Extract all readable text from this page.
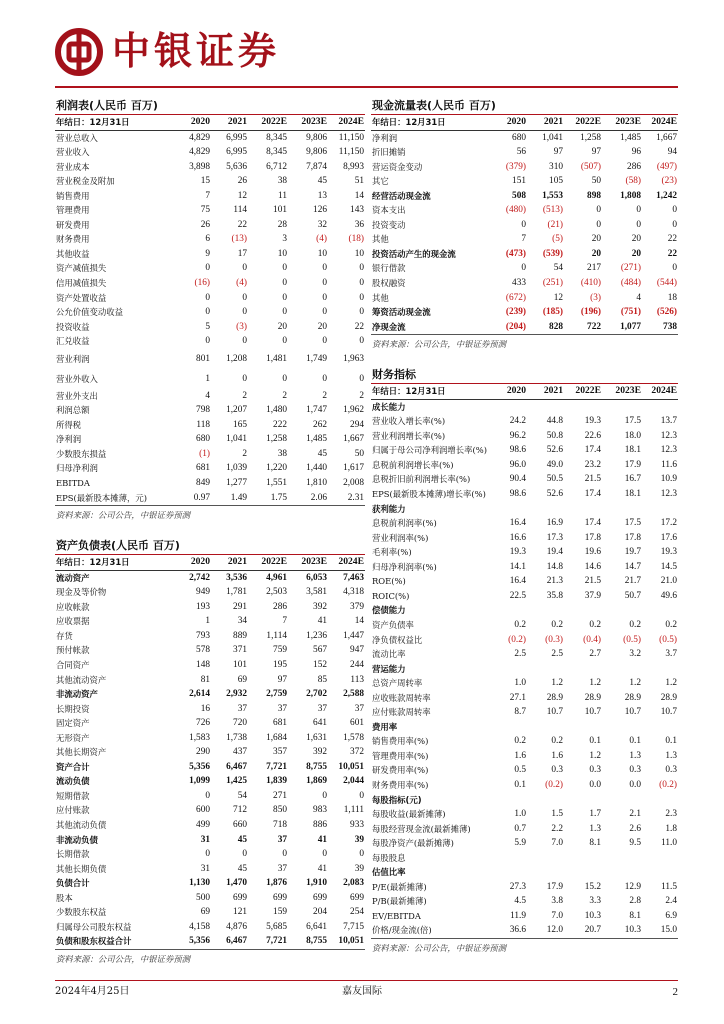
中银证券
利润表(人民币 百万)
年结日：12月31日	2020	2021	2022E	2023E	2024E
营业总收入	4,829	6,995	8,345	9,806	11,150
营业收入	4,829	6,995	8,345	9,806	11,150
营业成本	3,898	5,636	6,712	7,874	8,993
营业税金及附加	15	26	38	45	51
销售费用	7	12	11	13	14
管理费用	75	114	101	126	143
研发费用	26	22	28	32	36
财务费用	6	(13)	3	(4)	(18)
其他收益	9	17	10	10	10
资产减值损失	0	0	0	0	0
信用减值损失	(16)	(4)	0	0	0
资产处置收益	0	0	0	0	0
公允价值变动收益	0	0	0	0	0
投资收益	5	(3)	20	20	22
汇兑收益	0	0	0	0	0
营业利润	801	1,208	1,481	1,749	1,963
营业外收入	1	0	0	0	0
营业外支出	4	2	2	2	2
利润总额	798	1,207	1,480	1,747	1,962
所得税	118	165	222	262	294
净利润	680	1,041	1,258	1,485	1,667
少数股东损益	(1)	2	38	45	50
归母净利润	681	1,039	1,220	1,440	1,617
EBITDA	849	1,277	1,551	1,810	2,008
EPS(最新股本摊薄，元)	0.97	1.49	1.75	2.06	2.31
资料来源：公司公告，中银证券预测
资产负债表(人民币 百万)
年结日：12月31日	2020	2021	2022E	2023E	2024E
流动资产	2,742	3,536	4,961	6,053	7,463
现金及等价物	949	1,781	2,503	3,581	4,318
应收帐款	193	291	286	392	379
应收票据	1	34	7	41	14
存货	793	889	1,114	1,236	1,447
预付帐款	578	371	759	567	947
合同资产	148	101	195	152	244
其他流动资产	81	69	97	85	113
非流动资产	2,614	2,932	2,759	2,702	2,588
长期投资	16	37	37	37	37
固定资产	726	720	681	641	601
无形资产	1,583	1,738	1,684	1,631	1,578
其他长期资产	290	437	357	392	372
资产合计	5,356	6,467	7,721	8,755	10,051
流动负债	1,099	1,425	1,839	1,869	2,044
短期借款	0	54	271	0	0
应付账款	600	712	850	983	1,111
其他流动负债	499	660	718	886	933
非流动负债	31	45	37	41	39
长期借款	0	0	0	0	0
其他长期负债	31	45	37	41	39
负债合计	1,130	1,470	1,876	1,910	2,083
股本	500	699	699	699	699
少数股东权益	69	121	159	204	254
归属母公司股东权益	4,158	4,876	5,685	6,641	7,715
负债和股东权益合计	5,356	6,467	7,721	8,755	10,051
资料来源：公司公告，中银证券预测
现金流量表(人民币 百万)
年结日：12月31日	2020	2021	2022E	2023E	2024E
净利润	680	1,041	1,258	1,485	1,667
折旧摊销	56	97	97	96	94
营运资金变动	(379)	310	(507)	286	(497)
其它	151	105	50	(58)	(23)
经营活动现金流	508	1,553	898	1,808	1,242
资本支出	(480)	(513)	0	0	0
投资变动	0	(21)	0	0	0
其他	7	(5)	20	20	22
投资活动产生的现金流	(473)	(539)	20	20	22
银行借款	0	54	217	(271)	0
股权融资	433	(251)	(410)	(484)	(544)
其他	(672)	12	(3)	4	18
筹资活动现金流	(239)	(185)	(196)	(751)	(526)
净现金流	(204)	828	722	1,077	738
资料来源：公司公告，中银证券预测
财务指标
年结日：12月31日	2020	2021	2022E	2023E	2024E
成长能力					
营业收入增长率(%)	24.2	44.8	19.3	17.5	13.7
营业利润增长率(%)	96.2	50.8	22.6	18.0	12.3
归属于母公司净利润增长率(%)	98.6	52.6	17.4	18.1	12.3
息税前利润增长率(%)	96.0	49.0	23.2	17.9	11.6
息税折旧前利润增长率(%)	90.4	50.5	21.5	16.7	10.9
EPS(最新股本摊薄)增长率(%)	98.6	52.6	17.4	18.1	12.3
获利能力					
息税前利润率(%)	16.4	16.9	17.4	17.5	17.2
营业利润率(%)	16.6	17.3	17.8	17.8	17.6
毛利率(%)	19.3	19.4	19.6	19.7	19.3
归母净利润率(%)	14.1	14.8	14.6	14.7	14.5
ROE(%)	16.4	21.3	21.5	21.7	21.0
ROIC(%)	22.5	35.8	37.9	50.7	49.6
偿债能力					
资产负债率	0.2	0.2	0.2	0.2	0.2
净负债权益比	(0.2)	(0.3)	(0.4)	(0.5)	(0.5)
流动比率	2.5	2.5	2.7	3.2	3.7
营运能力					
总资产周转率	1.0	1.2	1.2	1.2	1.2
应收账款周转率	27.1	28.9	28.9	28.9	28.9
应付账款周转率	8.7	10.7	10.7	10.7	10.7
费用率					
销售费用率(%)	0.2	0.2	0.1	0.1	0.1
管理费用率(%)	1.6	1.6	1.2	1.3	1.3
研发费用率(%)	0.5	0.3	0.3	0.3	0.3
财务费用率(%)	0.1	(0.2)	0.0	0.0	(0.2)
每股指标(元)					
每股收益(最新摊薄)	1.0	1.5	1.7	2.1	2.3
每股经营现金流(最新摊薄)	0.7	2.2	1.3	2.6	1.8
每股净资产(最新摊薄)	5.9	7.0	8.1	9.5	11.0
每股股息					
估值比率					
P/E(最新摊薄)	27.3	17.9	15.2	12.9	11.5
P/B(最新摊薄)	4.5	3.8	3.3	2.8	2.4
EV/EBITDA	11.9	7.0	10.3	8.1	6.9
价格/现金流(倍)	36.6	12.0	20.7	10.3	15.0
资料来源：公司公告，中银证券预测
2024年4月25日	嘉友国际	2
